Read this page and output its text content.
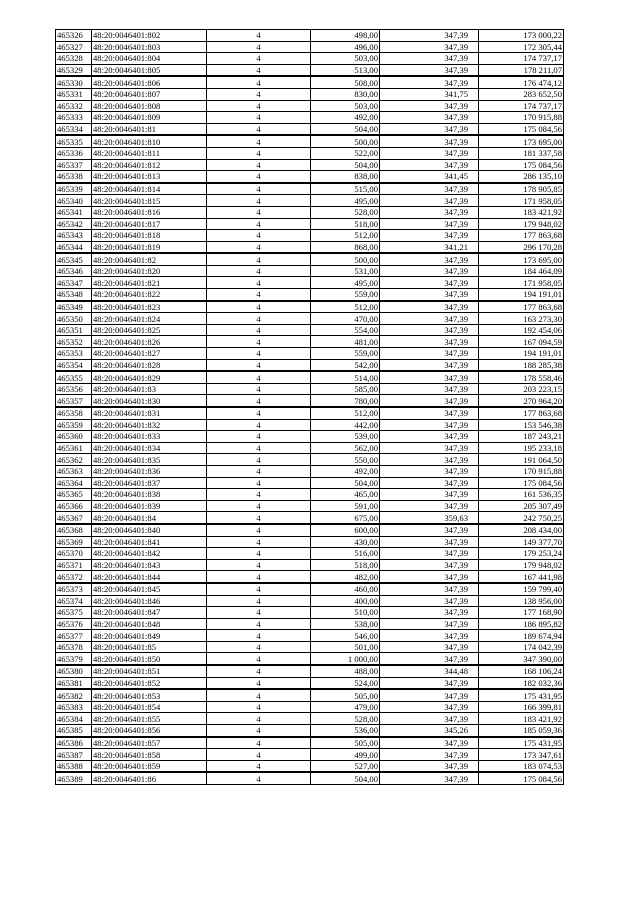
465326	48:20:0046401:802	4	498,00	347,39	173 000,22
465327	48:20:0046401:803	4	496,00	347,39	172 305,44
465328	48:20:0046401:804	4	503,00	347,39	174 737,17
465329	48:20:0046401:805	4	513,00	347,39	178 211,07
465330	48:20:0046401:806	4	508,00	347,39	176 474,12
465331	48:20:0046401:807	4	830,00	341,75	283 652,50
465332	48:20:0046401:808	4	503,00	347,39	174 737,17
465333	48:20:0046401:809	4	492,00	347,39	170 915,88
465334	48:20:0046401:81	4	504,00	347,39	175 084,56
465335	48:20:0046401:810	4	500,00	347,39	173 695,00
465336	48:20:0046401:811	4	522,00	347,39	181 337,58
465337	48:20:0046401:812	4	504,00	347,39	175 084,56
465338	48:20:0046401:813	4	838,00	341,45	286 135,10
465339	48:20:0046401:814	4	515,00	347,39	178 905,85
465340	48:20:0046401:815	4	495,00	347,39	171 958,05
465341	48:20:0046401:816	4	528,00	347,39	183 421,92
465342	48:20:0046401:817	4	518,00	347,39	179 948,02
465343	48:20:0046401:818	4	512,00	347,39	177 863,68
465344	48:20:0046401:819	4	868,00	341,21	296 170,28
465345	48:20:0046401:82	4	500,00	347,39	173 695,00
465346	48:20:0046401:820	4	531,00	347,39	184 464,09
465347	48:20:0046401:821	4	495,00	347,39	171 958,05
465348	48:20:0046401:822	4	559,00	347,39	194 191,01
465349	48:20:0046401:823	4	512,00	347,39	177 863,68
465350	48:20:0046401:824	4	470,00	347,39	163 273,30
465351	48:20:0046401:825	4	554,00	347,39	192 454,06
465352	48:20:0046401:826	4	481,00	347,39	167 094,59
465353	48:20:0046401:827	4	559,00	347,39	194 191,01
465354	48:20:0046401:828	4	542,00	347,39	188 285,38
465355	48:20:0046401:829	4	514,00	347,39	178 558,46
465356	48:20:0046401:83	4	585,00	347,39	203 223,15
465357	48:20:0046401:830	4	780,00	347,39	270 964,20
465358	48:20:0046401:831	4	512,00	347,39	177 863,68
465359	48:20:0046401:832	4	442,00	347,39	153 546,38
465360	48:20:0046401:833	4	539,00	347,39	187 243,21
465361	48:20:0046401:834	4	562,00	347,39	195 233,18
465362	48:20:0046401:835	4	550,00	347,39	191 064,50
465363	48:20:0046401:836	4	492,00	347,39	170 915,88
465364	48:20:0046401:837	4	504,00	347,39	175 084,56
465365	48:20:0046401:838	4	465,00	347,39	161 536,35
465366	48:20:0046401:839	4	591,00	347,39	205 307,49
465367	48:20:0046401:84	4	675,00	359,63	242 750,25
465368	48:20:0046401:840	4	600,00	347,39	208 434,00
465369	48:20:0046401:841	4	430,00	347,39	149 377,70
465370	48:20:0046401:842	4	516,00	347,39	179 253,24
465371	48:20:0046401:843	4	518,00	347,39	179 948,02
465372	48:20:0046401:844	4	482,00	347,39	167 441,98
465373	48:20:0046401:845	4	460,00	347,39	159 799,40
465374	48:20:0046401:846	4	400,00	347,39	138 956,00
465375	48:20:0046401:847	4	510,00	347,39	177 168,90
465376	48:20:0046401:848	4	538,00	347,39	186 895,82
465377	48:20:0046401:849	4	546,00	347,39	189 674,94
465378	48:20:0046401:85	4	501,00	347,39	174 042,39
465379	48:20:0046401:850	4	1 000,00	347,39	347 390,00
465380	48:20:0046401:851	4	488,00	344,48	168 106,24
465381	48:20:0046401:852	4	524,00	347,39	182 032,36
465382	48:20:0046401:853	4	505,00	347,39	175 431,95
465383	48:20:0046401:854	4	479,00	347,39	166 399,81
465384	48:20:0046401:855	4	528,00	347,39	183 421,92
465385	48:20:0046401:856	4	536,00	345,26	185 059,36
465386	48:20:0046401:857	4	505,00	347,39	175 431,95
465387	48:20:0046401:858	4	499,00	347,39	173 347,61
465388	48:20:0046401:859	4	527,00	347,39	183 074,53
465389	48:20:0046401:86	4	504,00	347,39	175 084,56
